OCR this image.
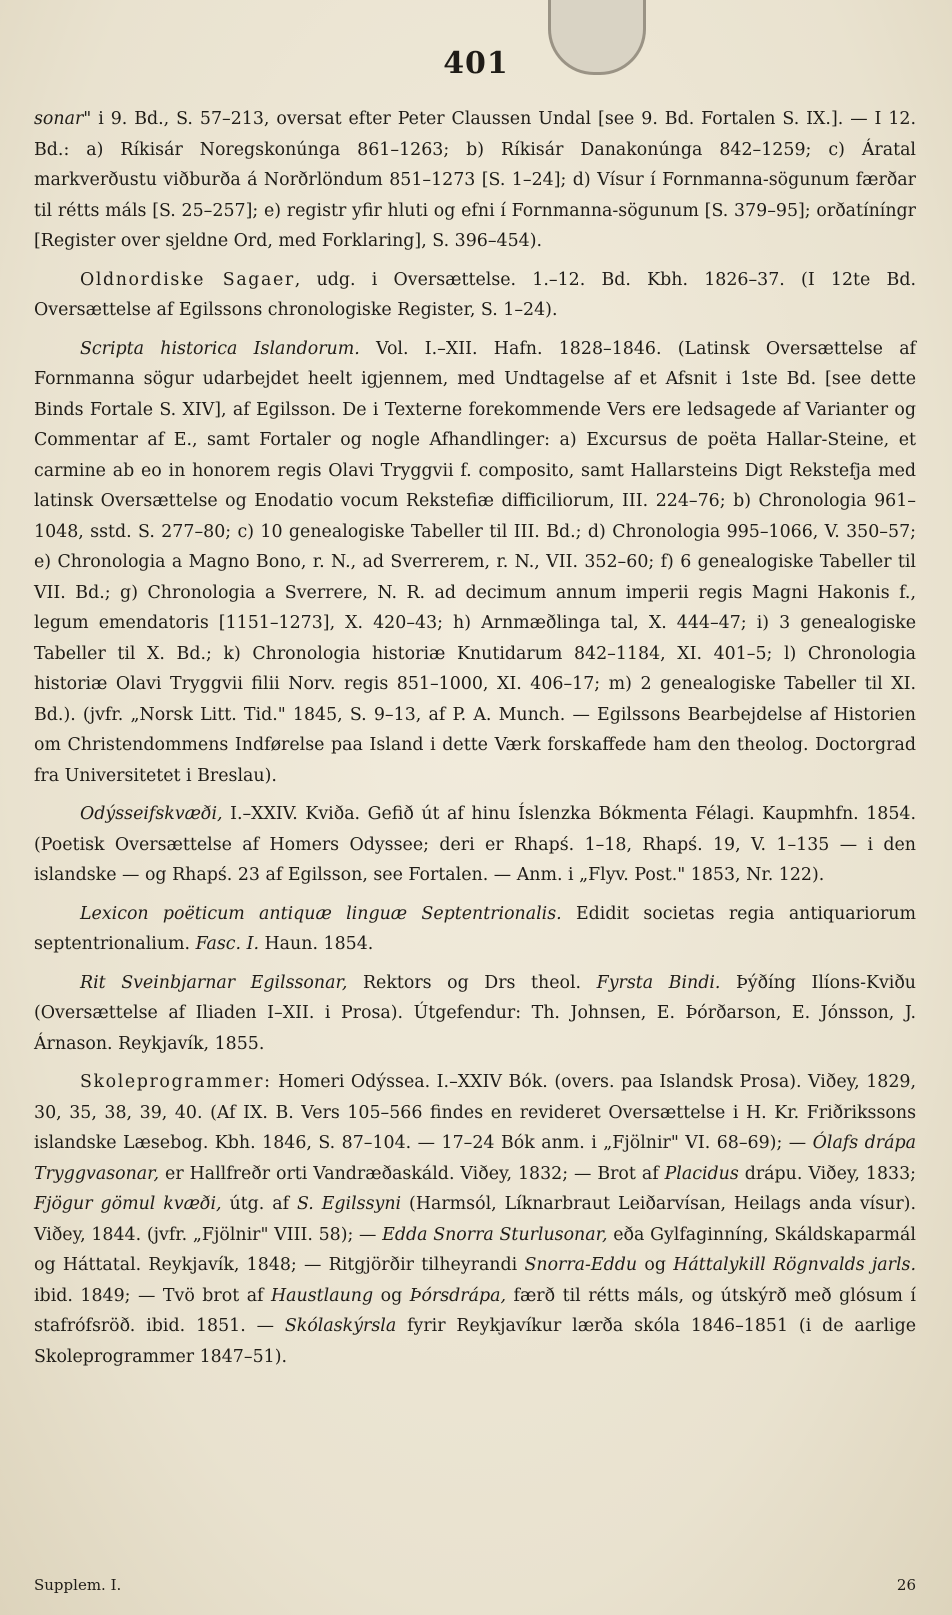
401

sonar" i 9. Bd., S. 57–213, oversat efter Peter Claussen Undal [see 9. Bd. Fortalen S. IX.]. — I 12. Bd.: a) Ríkisár Noregskonúnga 861–1263; b) Ríkisár Danakonúnga 842–1259; c) Áratal markverðustu viðburða á Norðrlöndum 851–1273 [S. 1–24]; d) Vísur í Fornmanna-sögunum færðar til rétts máls [S. 25–257]; e) registr yfir hluti og efni í Fornmanna-sögunum [S. 379–95]; orðatíníngr [Register over sjeldne Ord, med Forklaring], S. 396–454).

Oldnordiske Sagaer, udg. i Oversættelse. 1.–12. Bd. Kbh. 1826–37. (I 12te Bd. Oversættelse af Egilssons chronologiske Register, S. 1–24).

Scripta historica Islandorum. Vol. I.–XII. Hafn. 1828–1846. (Latinsk Oversættelse af Fornmanna sögur udarbejdet heelt igjennem, med Undtagelse af et Afsnit i 1ste Bd. [see dette Binds Fortale S. XIV], af Egilsson. De i Texterne forekommende Vers ere ledsagede af Varianter og Commentar af E., samt Fortaler og nogle Afhandlinger: a) Excursus de poëta Hallar-Steine, et carmine ab eo in honorem regis Olavi Tryggvii f. composito, samt Hallarsteins Digt Rekstefja med latinsk Oversættelse og Enodatio vocum Rekstefiæ difficiliorum, III. 224–76; b) Chronologia 961–1048, sstd. S. 277–80; c) 10 genealogiske Tabeller til III. Bd.; d) Chronologia 995–1066, V. 350–57; e) Chronologia a Magno Bono, r. N., ad Sverrerem, r. N., VII. 352–60; f) 6 genealogiske Tabeller til VII. Bd.; g) Chronologia a Sverrere, N. R. ad decimum annum imperii regis Magni Hakonis f., legum emendatoris [1151–1273], X. 420–43; h) Arnmæðlinga tal, X. 444–47; i) 3 genealogiske Tabeller til X. Bd.; k) Chronologia historiæ Knutidarum 842–1184, XI. 401–5; l) Chronologia historiæ Olavi Tryggvii filii Norv. regis 851–1000, XI. 406–17; m) 2 genealogiske Tabeller til XI. Bd.). (jvfr. „Norsk Litt. Tid." 1845, S. 9–13, af P. A. Munch. — Egilssons Bearbejdelse af Historien om Christendommens Indførelse paa Island i dette Værk forskaffede ham den theolog. Doctorgrad fra Universitetet i Breslau).

Odýsseifskvæði, I.–XXIV. Kviða. Gefið út af hinu Íslenzka Bókmenta Félagi. Kaupmhfn. 1854. (Poetisk Oversættelse af Homers Odyssee; deri er Rhapś. 1–18, Rhapś. 19, V. 1–135 — i den islandske — og Rhapś. 23 af Egilsson, see Fortalen. — Anm. i „Flyv. Post." 1853, Nr. 122).

Lexicon poëticum antiquæ linguæ Septentrionalis. Edidit societas regia antiquariorum septentrionalium. Fasc. I. Haun. 1854.

Rit Sveinbjarnar Egilssonar, Rektors og Drs theol. Fyrsta Bindi. Þýðíng Ilíons-Kviðu (Oversættelse af Iliaden I–XII. i Prosa). Útgefendur: Th. Johnsen, E. Þórðarson, E. Jónsson, J. Árnason. Reykjavík, 1855.

Skoleprogrammer: Homeri Odýssea. I.–XXIV Bók. (overs. paa Islandsk Prosa). Viðey, 1829, 30, 35, 38, 39, 40. (Af IX. B. Vers 105–566 findes en revideret Oversættelse i H. Kr. Friðrikssons islandske Læsebog. Kbh. 1846, S. 87–104. — 17–24 Bók anm. i „Fjölnir" VI. 68–69); — Ólafs drápa Tryggvasonar, er Hallfreðr orti Vandræðaskáld. Viðey, 1832; — Brot af Placidus drápu. Viðey, 1833; Fjögur gömul kvæði, útg. af S. Egilssyni (Harmsól, Líknarbraut Leiðarvísan, Heilags anda vísur). Viðey, 1844. (jvfr. „Fjölnir" VIII. 58); — Edda Snorra Sturlusonar, eða Gylfaginníng, Skáldskaparmál og Háttatal. Reykjavík, 1848; — Ritgjörðir tilheyrandi Snorra-Eddu og Háttalykill Rögnvalds jarls. ibid. 1849; — Tvö brot af Haustlaung og Þórsdrápa, færð til rétts máls, og útskýrð með glósum í stafrófsröð. ibid. 1851. — Skólaskýrsla fyrir Reykjavíkur lærða skóla 1846–1851 (i de aarlige Skoleprogrammer 1847–51).

Suppl​em. I.	26
